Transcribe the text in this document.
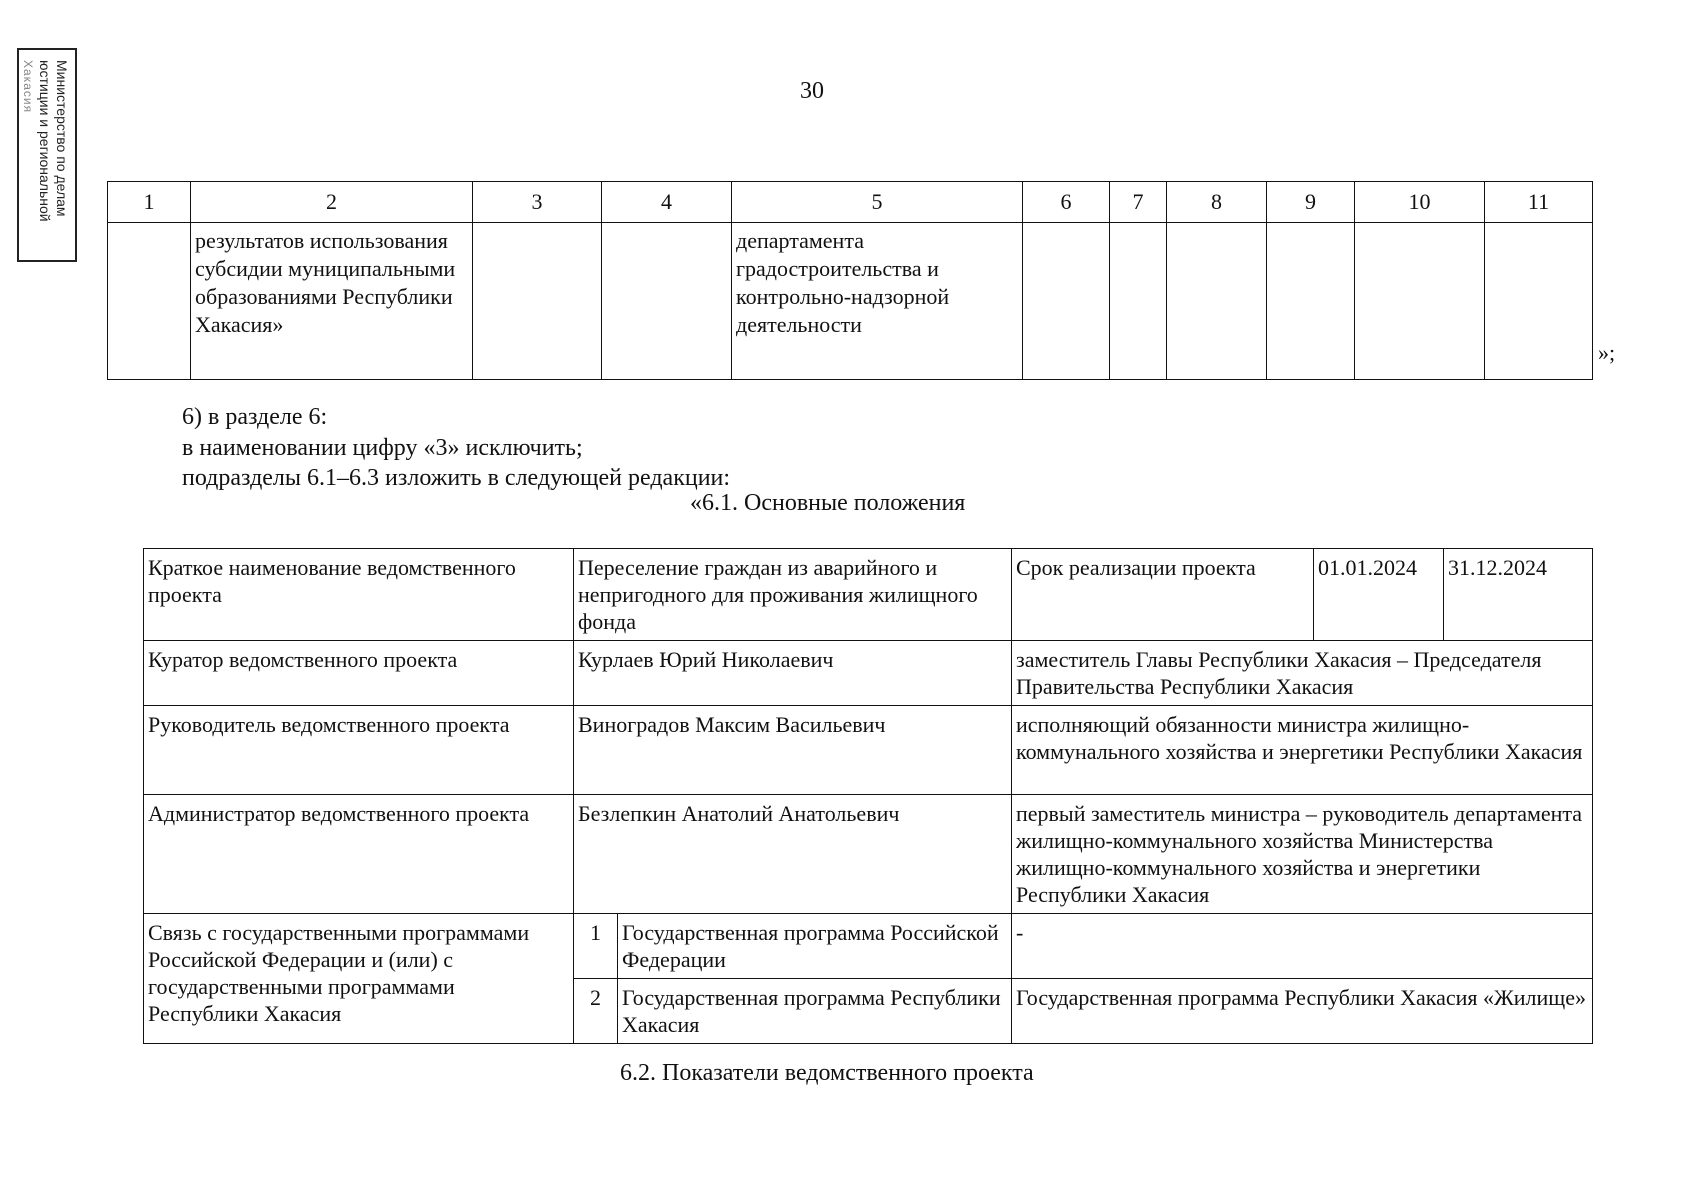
Министерство по делам
юстиции и региональной
Хакасия	30
1	2	3	4	5	6	7	8	9	10	11
	результатов использования субсидии муниципальными образованиями Республики Хакасия»			департамента градостроительства и контрольно-надзорной деятельности						
»;
6) в разделе 6:
в наименовании цифру «3» исключить;
подразделы 6.1–6.3 изложить в следующей редакции:
«6.1. Основные положения
Краткое наименование ведомственного проекта	Переселение граждан из аварийного и непригодного для проживания жилищного фонда		Срок реализации проекта	01.01.2024	31.12.2024
Куратор ведомственного проекта	Курлаев Юрий Николаевич		заместитель Главы Республики Хакасия – Председателя Правительства Республики Хакасия		
Руководитель ведомственного проекта	Виноградов Максим Васильевич		исполняющий обязанности министра жилищно-коммунального хозяйства и энергетики Республики Хакасия		
Администратор ведомственного проекта	Безлепкин Анатолий Анатольевич		первый заместитель министра – руководитель департамента жилищно-коммунального хозяйства Министерства жилищно-коммунального хозяйства и энергетики Республики Хакасия		
Связь с государственными программами Российской Федерации и (или) с государственными программами Республики Хакасия	1	Государственная программа Российской Федерации	-		
	2	Государственная программа Республики Хакасия	Государственная программа Республики Хакасия «Жилище»		
6.2. Показатели ведомственного проекта
